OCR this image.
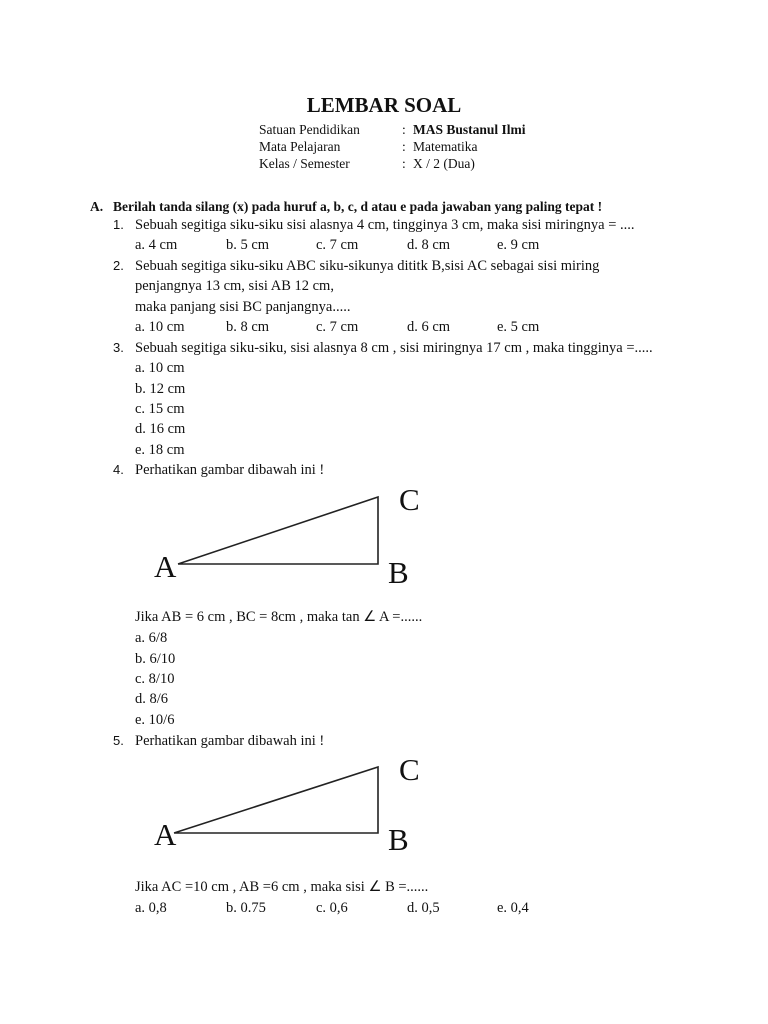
LEMBAR SOAL
Satuan Pendidikan	: MAS Bustanul Ilmi
Mata Pelajaran	: Matematika
Kelas / Semester	: X / 2 (Dua)
A. Berilah tanda silang (x) pada huruf a, b, c, d atau e pada jawaban yang paling tepat !
1. Sebuah segitiga siku-siku sisi alasnya 4 cm, tingginya 3 cm, maka sisi miringnya = ....
a. 4 cm	b. 5 cm	c. 7 cm	d. 8 cm	e. 9 cm
2. Sebuah segitiga siku-siku ABC siku-sikunya dititk B,sisi AC sebagai sisi miring
penjangnya 13 cm, sisi AB 12 cm,
maka panjang sisi BC panjangnya.....
a. 10 cm	b. 8 cm	c. 7 cm	d. 6 cm	e. 5 cm
3. Sebuah segitiga siku-siku, sisi alasnya 8 cm , sisi miringnya 17 cm , maka tingginya =.....
a. 10 cm
b. 12 cm
c. 15 cm
d. 16 cm
e. 18 cm
4. Perhatikan gambar dibawah ini !
A	B
C
Jika AB = 6 cm , BC = 8cm , maka tan ∠ A =......
a. 6/8
b. 6/10
c. 8/10
d. 8/6
e. 10/6
5. Perhatikan gambar dibawah ini !
A	B
C
Jika AC =10 cm , AB =6 cm , maka sisi ∠ B =......
a. 0,8	b. 0.75	c. 0,6	d. 0,5	e. 0,4
